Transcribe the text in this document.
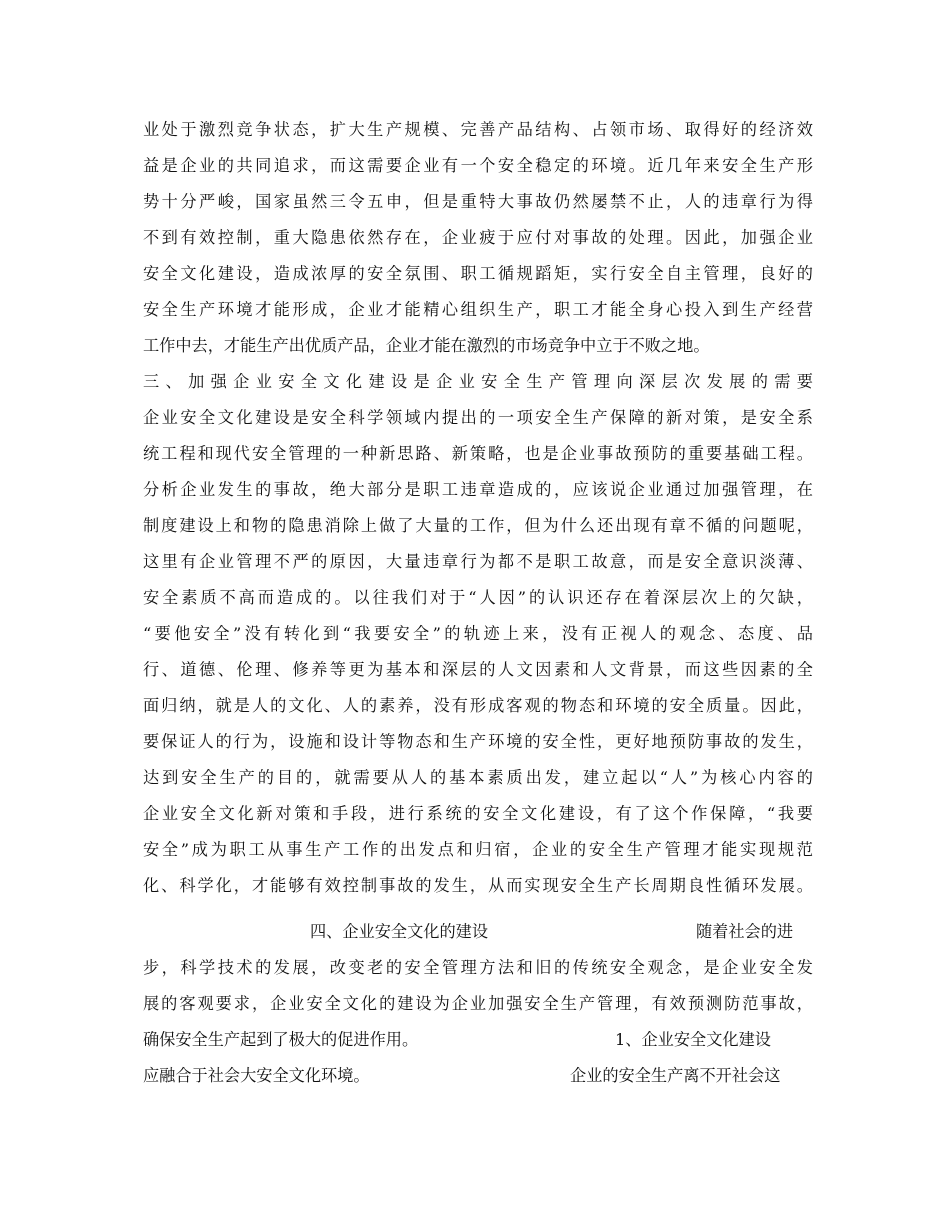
业处于激烈竞争状态，扩大生产规模、完善产品结构、占领市场、取得好的经济效
益是企业的共同追求，而这需要企业有一个安全稳定的环境。近几年来安全生产形
势十分严峻，国家虽然三令五申，但是重特大事故仍然屡禁不止，人的违章行为得
不到有效控制，重大隐患依然存在，企业疲于应付对事故的处理。因此，加强企业
安全文化建设，造成浓厚的安全氛围、职工循规蹈矩，实行安全自主管理，良好的
安全生产环境才能形成，企业才能精心组织生产，职工才能全身心投入到生产经营
工作中去，才能生产出优质产品，企业才能在激烈的市场竞争中立于不败之地。
三、加强企业安全文化建设是企业安全生产管理向深层次发展的需要
企业安全文化建设是安全科学领域内提出的一项安全生产保障的新对策，是安全系
统工程和现代安全管理的一种新思路、新策略，也是企业事故预防的重要基础工程。
分析企业发生的事故，绝大部分是职工违章造成的，应该说企业通过加强管理，在
制度建设上和物的隐患消除上做了大量的工作，但为什么还出现有章不循的问题呢，
这里有企业管理不严的原因，大量违章行为都不是职工故意，而是安全意识淡薄、
安全素质不高而造成的。以往我们对于“人因”的认识还存在着深层次上的欠缺，
“要他安全”没有转化到“我要安全”的轨迹上来，没有正视人的观念、态度、品
行、道德、伦理、修养等更为基本和深层的人文因素和人文背景，而这些因素的全
面归纳，就是人的文化、人的素养，没有形成客观的物态和环境的安全质量。因此，
要保证人的行为，设施和设计等物态和生产环境的安全性，更好地预防事故的发生，
达到安全生产的目的，就需要从人的基本素质出发，建立起以“人”为核心内容的
企业安全文化新对策和手段，进行系统的安全文化建设，有了这个作保障，“我要
安全”成为职工从事生产工作的出发点和归宿，企业的安全生产管理才能实现规范
化、科学化，才能够有效控制事故的发生，从而实现安全生产长周期良性循环发展。

四、企业安全文化的建设

	随着社会的进

步，科学技术的发展，改变老的安全管理方法和旧的传统安全观念，是企业安全发
展的客观要求，企业安全文化的建设为企业加强安全生产管理，有效预测防范事故，

确保安全生产起到了极大的促进作用。

	1、企业安全文化建设

应融合于社会大安全文化环境。

	企业的安全生产离不开社会这
